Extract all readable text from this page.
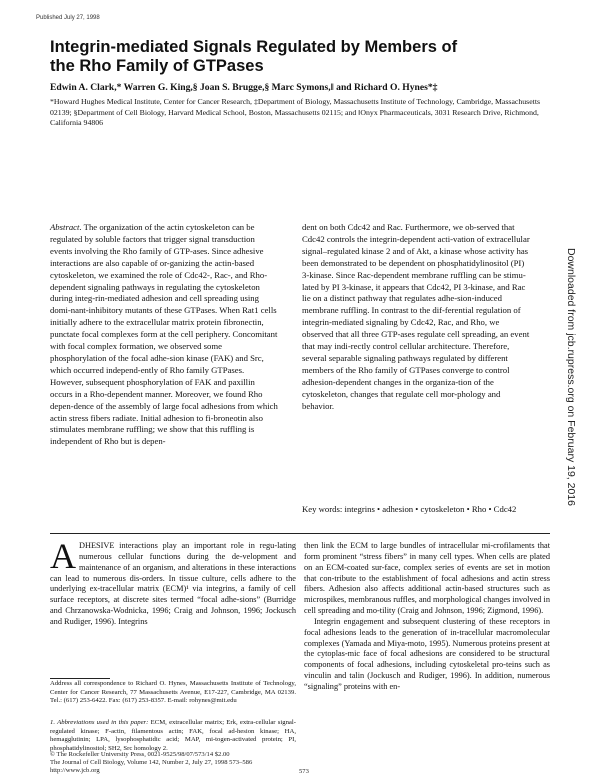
Published July 27, 1998
Integrin-mediated Signals Regulated by Members of the Rho Family of GTPases
Edwin A. Clark,* Warren G. King,§ Joan S. Brugge,§ Marc Symons,‖ and Richard O. Hynes*‡
*Howard Hughes Medical Institute, Center for Cancer Research, ‡Department of Biology, Massachusetts Institute of Technology, Cambridge, Massachusetts 02139; §Department of Cell Biology, Harvard Medical School, Boston, Massachusetts 02115; and ‖Onyx Pharmaceuticals, 3031 Research Drive, Richmond, California 94806
Abstract. The organization of the actin cytoskeleton can be regulated by soluble factors that trigger signal transduction events involving the Rho family of GTP-ases. Since adhesive interactions are also capable of or-ganizing the actin-based cytoskeleton, we examined the role of Cdc42-, Rac-, and Rho-dependent signaling pathways in regulating the cytoskeleton during integ-rin-mediated adhesion and cell spreading using domi-nant-inhibitory mutants of these GTPases. When Rat1 cells initially adhere to the extracellular matrix protein fibronectin, punctate focal complexes form at the cell periphery. Concomitant with focal complex formation, we observed some phosphorylation of the focal adhe-sion kinase (FAK) and Src, which occurred independ-ently of Rho family GTPases. However, subsequent phosphorylation of FAK and paxillin occurs in a Rho-dependent manner. Moreover, we found Rho depen-dence of the assembly of large focal adhesions from which actin stress fibers radiate. Initial adhesion to fi-broneotin also stimulates membrane ruffling; we show that this ruffling is independent of Rho but is depen-
dent on both Cdc42 and Rac. Furthermore, we ob-served that Cdc42 controls the integrin-dependent acti-vation of extracellular signal–regulated kinase 2 and of Akt, a kinase whose activity has been demonstrated to be dependent on phosphatidylinositol (PI) 3-kinase. Since Rac-dependent membrane ruffling can be stimu-lated by PI 3-kinase, it appears that Cdc42, PI 3-kinase, and Rac lie on a distinct pathway that regulates adhe-sion-induced membrane ruffling. In contrast to the dif-ferential regulation of integrin-mediated signaling by Cdc42, Rac, and Rho, we observed that all three GTP-ases regulate cell spreading, an event that may indi-rectly control cellular architecture. Therefore, several separable signaling pathways regulated by different members of the Rho family of GTPases converge to control adhesion-dependent changes in the organiza-tion of the cytoskeleton, changes that regulate cell mor-phology and behavior.
Key words: integrins • adhesion • cytoskeleton • Rho • Cdc42

ADHESIVE interactions play an important role in regu-lating numerous cellular functions during the de-velopment and maintenance of an organism, and alterations in these interactions can lead to numerous dis-orders. In tissue culture, cells adhere to the underlying ex-tracellular matrix (ECM)¹ via integrins, a family of cell surface receptors, at discrete sites termed “focal adhe-sions” (Burridge and Chrzanowska-Wodnicka, 1996; Craig and Johnson, 1996; Jockusch and Rudiger, 1996). Integrins

then link the ECM to large bundles of intracellular mi-crofilaments that form prominent “stress fibers” in many cell types. When cells are plated on an ECM-coated sur-face, complex series of events are set in motion that con-tribute to the establishment of focal adhesions and actin stress fibers. Adhesion also affects additional actin-based structures such as microspikes, membranous ruffles, and morphological changes involved in cell spreading and mo-tility (Craig and Johnson, 1996; Zigmond, 1996).

Integrin engagement and subsequent clustering of these receptors in focal adhesions leads to the generation of in-tracellular macromolecular complexes (Yamada and Miya-moto, 1995). Numerous proteins present at the cytoplas-mic face of focal adhesions are considered to be structural components of focal adhesions, including cytoskeletal pro-teins such as vinculin and talin (Jockusch and Rudiger, 1996). In addition, numerous “signaling” proteins with en-

Address all correspondence to Richard O. Hynes, Massachusetts Institute of Technology, Center for Cancer Research, 77 Massachusetts Avenue, E17-227, Cambridge, MA 02139. Tel.: (617) 253-6422. Fax: (617) 253-8357. E-mail: rohynes@mit.edu
1. Abbreviations used in this paper: ECM, extracellular matrix; Erk, extra-cellular signal-regulated kinase; F-actin, filamentous actin; FAK, focal ad-hesion kinase; HA, hemagglutinin; LPA, lysophosphatidic acid; MAP, mi-togen-activated protein; PI, phosphatidylinositol; SH2, Src homology 2.
© The Rockefeller University Press, 0021-9525/98/07/573/14 $2.00
The Journal of Cell Biology, Volume 142, Number 2, July 27, 1998 573–586
http://www.jcb.org	573
Downloaded from jcb.rupress.org on February 19, 2016
